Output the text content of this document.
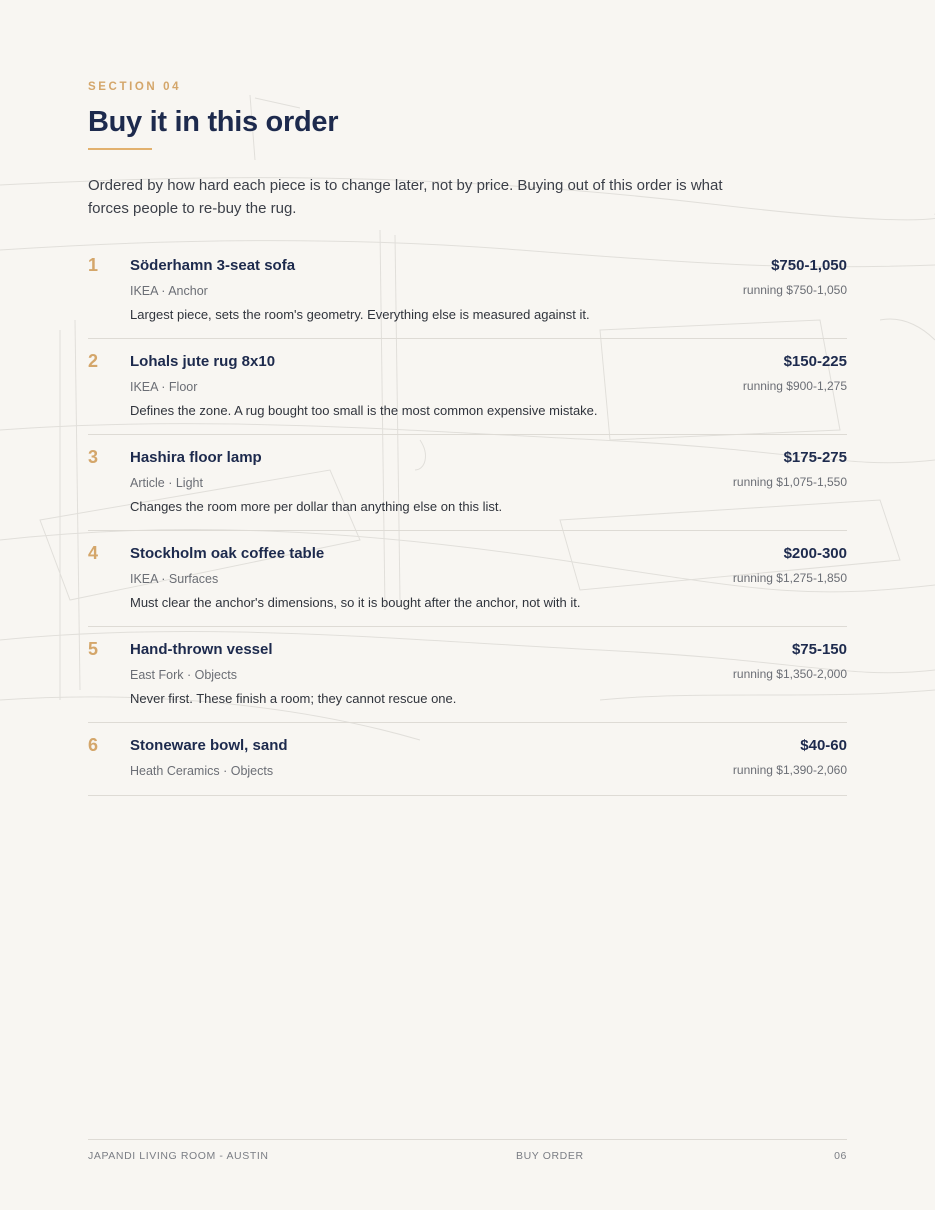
SECTION 04
Buy it in this order
Ordered by how hard each piece is to change later, not by price. Buying out of this order is what forces people to re-buy the rug.
1 Söderhamn 3-seat sofa
IKEA · Anchor
Largest piece, sets the room's geometry. Everything else is measured against it.
$750-1,050
running $750-1,050
2 Lohals jute rug 8x10
IKEA · Floor
Defines the zone. A rug bought too small is the most common expensive mistake.
$150-225
running $900-1,275
3 Hashira floor lamp
Article · Light
Changes the room more per dollar than anything else on this list.
$175-275
running $1,075-1,550
4 Stockholm oak coffee table
IKEA · Surfaces
Must clear the anchor's dimensions, so it is bought after the anchor, not with it.
$200-300
running $1,275-1,850
5 Hand-thrown vessel
East Fork · Objects
Never first. These finish a room; they cannot rescue one.
$75-150
running $1,350-2,000
6 Stoneware bowl, sand
Heath Ceramics · Objects
$40-60
running $1,390-2,060
JAPANDI LIVING ROOM - AUSTIN	BUY ORDER	06
